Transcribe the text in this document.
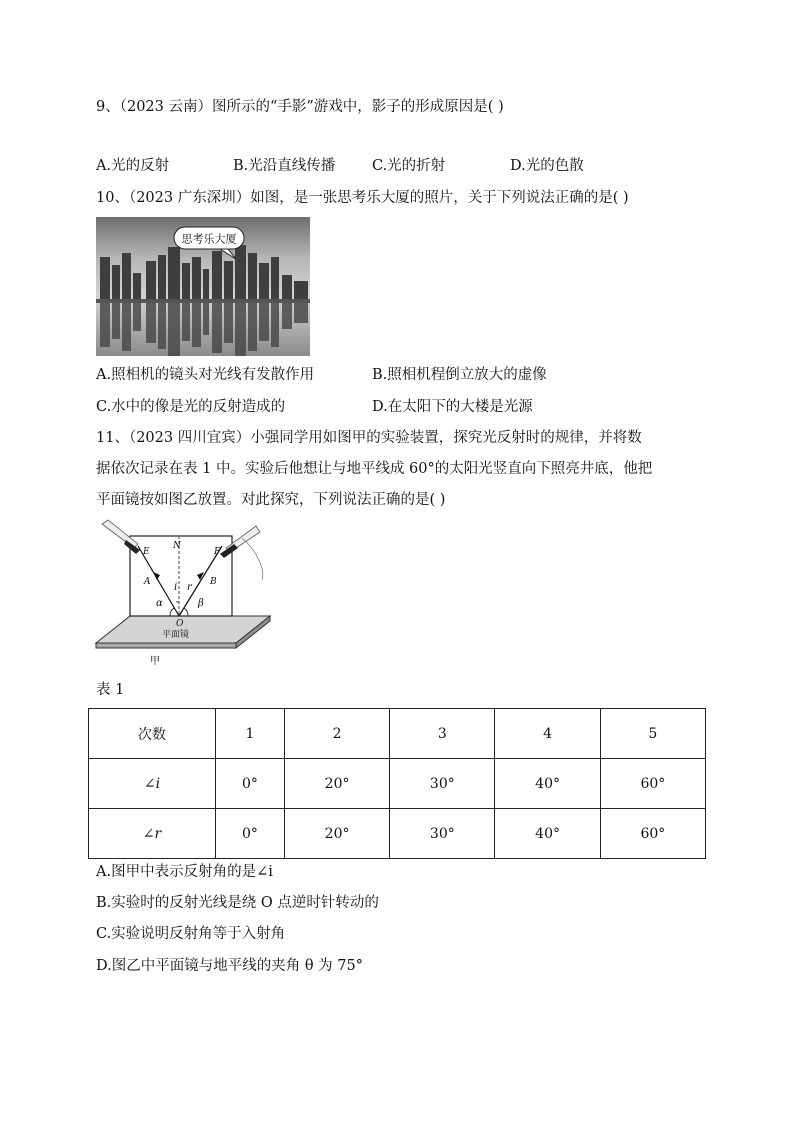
9、（2023 云南）图所示的“手影”游戏中，影子的形成原因是( )
A.光的反射	B.光沿直线传播	C.光的折射	D.光的色散
10、（2023 广东深圳）如图，是一张思考乐大厦的照片，关于下列说法正确的是( )
思考乐大厦
A.照相机的镜头对光线有发散作用	B.照相机程倒立放大的虚像
C.水中的像是光的反射造成的	D.在太阳下的大楼是光源
11、（2023 四川宜宾）小强同学用如图甲的实验装置，探究光反射时的规律，并将数
据依次记录在表 1 中。实验后他想让与地平线成 60°的太阳光竖直向下照亮井底，他把
平面镜按如图乙放置。对此探究，下列说法正确的是( )
E	F
N
A	B
i r
α	β
O
平面镜
甲
表 1
次数	1	2	3	4	5
∠i	0°	20°	30°	40°	60°
∠r	0°	20°	30°	40°	60°
A.图甲中表示反射角的是∠i
B.实验时的反射光线是绕 O 点逆时针转动的
C.实验说明反射角等于入射角
D.图乙中平面镜与地平线的夹角 θ 为 75°
